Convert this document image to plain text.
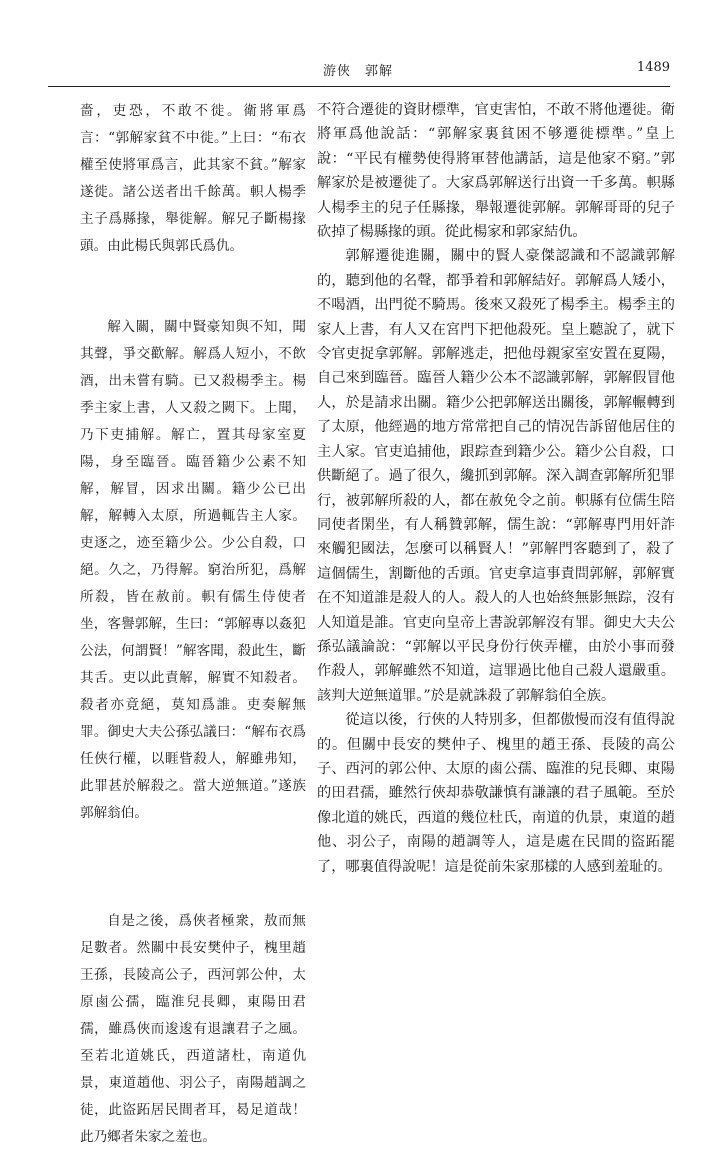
游俠　郭解	1489

嗇，吏恐，不敢不徙。衛將軍爲言：“郭解家貧不中徙。”上曰：“布衣權至使將軍爲言，此其家不貧。”解家遂徙。諸公送者出千餘萬。軹人楊季主子爲縣掾，舉徙解。解兄子斷楊掾頭。由此楊氏與郭氏爲仇。

解入關，關中賢豪知與不知，聞其聲，爭交歡解。解爲人短小，不飲酒，出未嘗有騎。已又殺楊季主。楊季主家上書，人又殺之闕下。上聞，乃下吏捕解。解亡，置其母家室夏陽，身至臨晉。臨晉籍少公素不知解，解冒，因求出關。籍少公已出解，解轉入太原，所過輒告主人家。吏逐之，迹至籍少公。少公自殺，口絕。久之，乃得解。窮治所犯，爲解所殺，皆在赦前。軹有儒生侍使者坐，客譽郭解，生曰：“郭解專以姦犯公法，何謂賢！”解客聞，殺此生，斷其舌。吏以此責解，解實不知殺者。殺者亦竟絕，莫知爲誰。吏奏解無罪。御史大夫公孫弘議曰：“解布衣爲任俠行權，以睚眥殺人，解雖弗知，此罪甚於解殺之。當大逆無道。”遂族郭解翁伯。

自是之後，爲俠者極衆，敖而無足數者。然關中長安樊仲子，槐里趙王孫，長陵高公子，西河郭公仲，太原鹵公孺，臨淮兒長卿，東陽田君孺，雖爲俠而逡逡有退讓君子之風。至若北道姚氏，西道諸杜，南道仇景，東道趙他、羽公子，南陽趙調之徒，此盜跖居民間者耳，曷足道哉！此乃鄉者朱家之羞也。

不符合遷徙的資財標準，官吏害怕，不敢不將他遷徙。衛將軍爲他說話：“郭解家裏貧困不够遷徙標準。”皇上說：“平民有權勢使得將軍替他講話，這是他家不窮。”郭解家於是被遷徙了。大家爲郭解送行出資一千多萬。軹縣人楊季主的兒子任縣掾，舉報遷徙郭解。郭解哥哥的兒子砍掉了楊縣掾的頭。從此楊家和郭家結仇。

郭解遷徙進關，關中的賢人豪傑認識和不認識郭解的，聽到他的名聲，都爭着和郭解結好。郭解爲人矮小，不喝酒，出門從不騎馬。後來又殺死了楊季主。楊季主的家人上書，有人又在宮門下把他殺死。皇上聽說了，就下令官吏捉拿郭解。郭解逃走，把他母親家室安置在夏陽，自己來到臨晉。臨晉人籍少公本不認識郭解，郭解假冒他人，於是請求出關。籍少公把郭解送出關後，郭解輾轉到了太原，他經過的地方常常把自己的情况告訴留他居住的主人家。官吏追捕他，跟踪查到籍少公。籍少公自殺，口供斷絕了。過了很久，纔抓到郭解。深入調查郭解所犯罪行，被郭解所殺的人，都在赦免令之前。軹縣有位儒生陪同使者閑坐，有人稱贊郭解，儒生說：“郭解專門用奸詐來觸犯國法，怎麼可以稱賢人！”郭解門客聽到了，殺了這個儒生，割斷他的舌頭。官吏拿這事責問郭解，郭解實在不知道誰是殺人的人。殺人的人也始終無影無踪，沒有人知道是誰。官吏向皇帝上書說郭解沒有罪。御史大夫公孫弘議論說：“郭解以平民身份行俠弄權，由於小事而發作殺人，郭解雖然不知道，這罪過比他自己殺人還嚴重。該判大逆無道罪。”於是就誅殺了郭解翁伯全族。

從這以後，行俠的人特別多，但都傲慢而沒有值得說的。但關中長安的樊仲子、槐里的趙王孫、長陵的高公子、西河的郭公仲、太原的鹵公孺、臨淮的兒長卿、東陽的田君孺，雖然行俠却恭敬謙慎有謙讓的君子風範。至於像北道的姚氏，西道的幾位杜氏，南道的仇景，東道的趙他、羽公子，南陽的趙調等人，這是處在民間的盜跖罷了，哪裏值得說呢！這是從前朱家那樣的人感到羞耻的。
